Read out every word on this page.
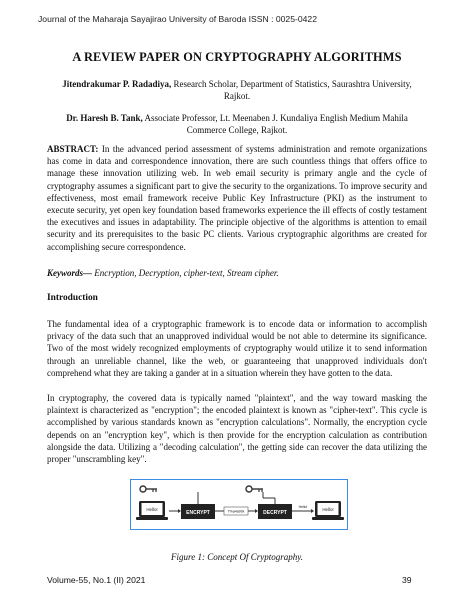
Journal of the Maharaja Sayajirao University of Baroda ISSN : 0025-0422
A REVIEW PAPER ON CRYPTOGRAPHY ALGORITHMS
Jitendrakumar P. Radadiya, Research Scholar, Department of Statistics, Saurashtra University,
Rajkot.
Dr. Haresh B. Tank, Associate Professor, Lt. Meenaben J. Kundaliya English Medium Mahila
Commerce College, Rajkot.
ABSTRACT: In the advanced period assessment of systems administration and remote organizations has come in data and correspondence innovation, there are such countless things that offers office to manage these innovation utilizing web. In web email security is primary angle and the cycle of cryptography assumes a significant part to give the security to the organizations. To improve security and effectiveness, most email framework receive Public Key Infrastructure (PKI) as the instrument to execute security, yet open key foundation based frameworks experience the ill effects of costly testament the executives and issues in adaptability. The principle objective of the algorithms is attention to email security and its prerequisites to the basic PC clients. Various cryptographic algorithms are created for accomplishing secure correspondence.
Keywords— Encryption, Decryption, cipher-text, Stream cipher.
Introduction
The fundamental idea of a cryptographic framework is to encode data or information to accomplish privacy of the data such that an unapproved individual would be not able to determine its significance. Two of the most widely recognized employments of cryptography would utilize it to send information through an unreliable channel, like the web, or guaranteeing that unapproved individuals don't comprehend what they are taking a gander at in a situation wherein they have gotten to the data.
In cryptography, the covered data is typically named "plaintext", and the way toward masking the plaintext is characterized as "encryption"; the encoded plaintext is known as "cipher-text". This cycle is accomplished by various standards known as "encryption calculations". Normally, the encryption cycle depends on an "encryption key", which is then provide for the encryption calculation as contribution alongside the data. Utilizing a "decoding calculation", the getting side can recover the data utilizing the proper "unscrambling key".
Hello!
ENCRYPT	7%a4a00x	DECRYPT
Hello!	Hello!
Figure 1: Concept Of Cryptography.
Volume-55, No.1 (II) 2021	39
